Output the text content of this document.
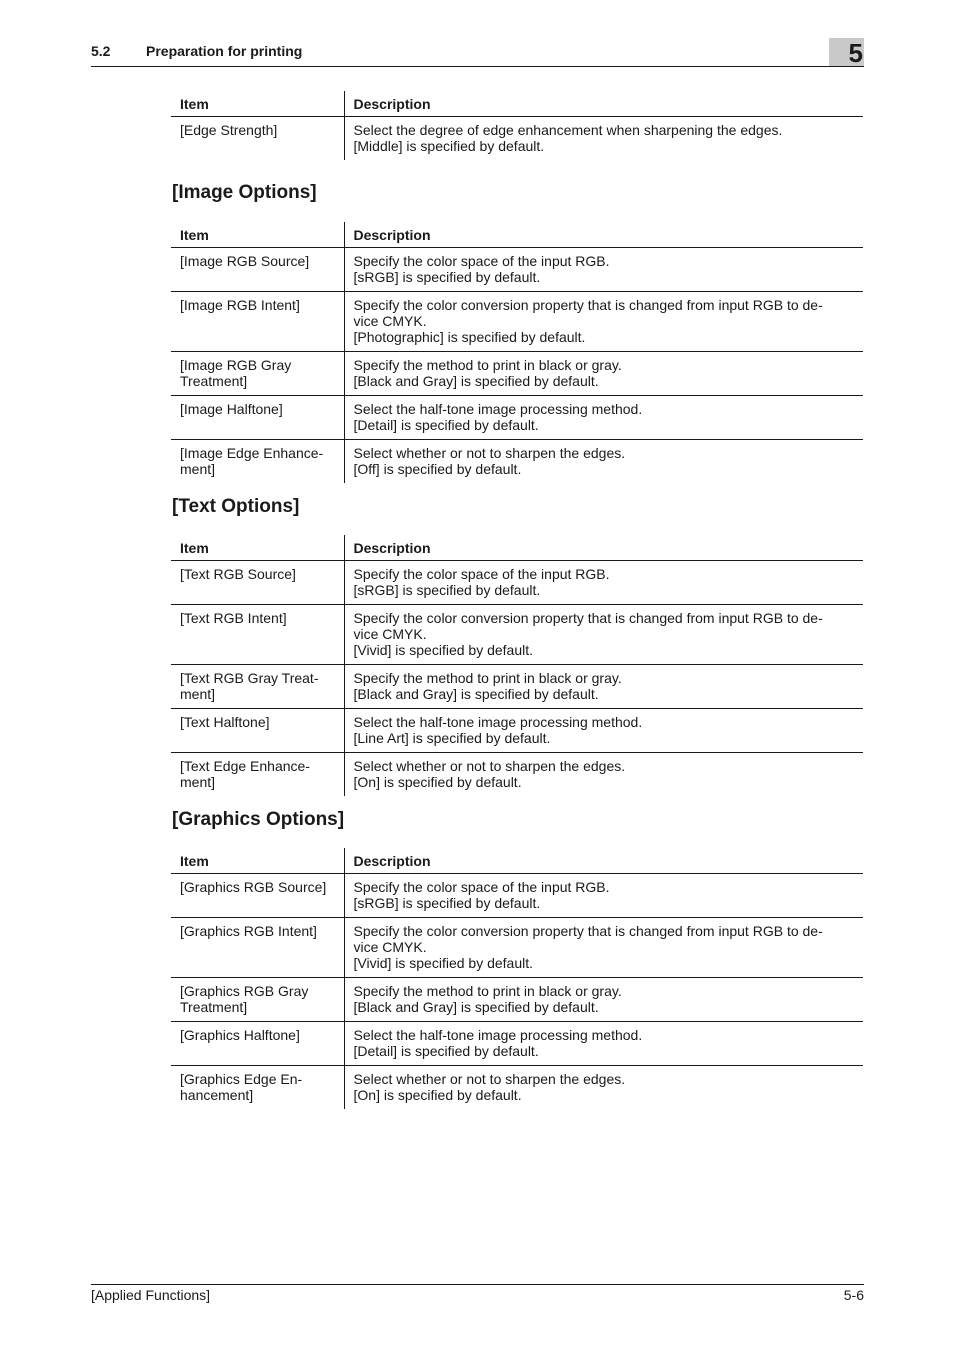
5.2	Preparation for printing	5
Item	Description
[Edge Strength]	Select the degree of edge enhancement when sharpening the edges.
[Middle] is specified by default.
[Image Options]
Item	Description
[Image RGB Source]	Specify the color space of the input RGB.
[sRGB] is specified by default.
[Image RGB Intent]	Specify the color conversion property that is changed from input RGB to de-
vice CMYK.
[Photographic] is specified by default.
[Image RGB Gray
Treatment]	Specify the method to print in black or gray.
[Black and Gray] is specified by default.
[Image Halftone]	Select the half-tone image processing method.
[Detail] is specified by default.
[Image Edge Enhance-
ment]	Select whether or not to sharpen the edges.
[Off] is specified by default.
[Text Options]
Item	Description
[Text RGB Source]	Specify the color space of the input RGB.
[sRGB] is specified by default.
[Text RGB Intent]	Specify the color conversion property that is changed from input RGB to de-
vice CMYK.
[Vivid] is specified by default.
[Text RGB Gray Treat-
ment]	Specify the method to print in black or gray.
[Black and Gray] is specified by default.
[Text Halftone]	Select the half-tone image processing method.
[Line Art] is specified by default.
[Text Edge Enhance-
ment]	Select whether or not to sharpen the edges.
[On] is specified by default.
[Graphics Options]
Item	Description
[Graphics RGB Source]	Specify the color space of the input RGB.
[sRGB] is specified by default.
[Graphics RGB Intent]	Specify the color conversion property that is changed from input RGB to de-
vice CMYK.
[Vivid] is specified by default.
[Graphics RGB Gray
Treatment]	Specify the method to print in black or gray.
[Black and Gray] is specified by default.
[Graphics Halftone]	Select the half-tone image processing method.
[Detail] is specified by default.
[Graphics Edge En-
hancement]	Select whether or not to sharpen the edges.
[On] is specified by default.
[Applied Functions]	5-6
